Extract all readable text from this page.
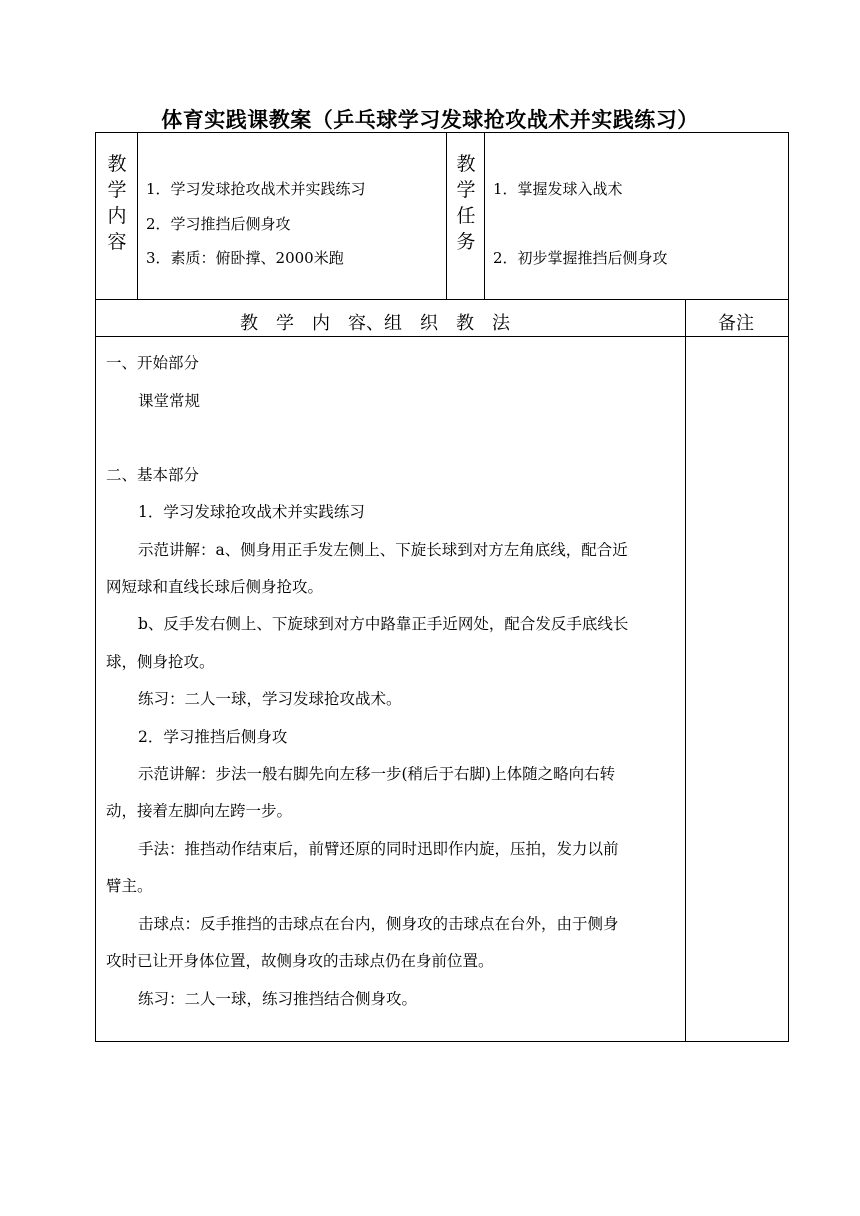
体育实践课教案（乒乓球学习发球抢攻战术并实践练习）
教
学
内
容
1．学习发球抢攻战术并实践练习
2．学习推挡后侧身攻
3．素质：俯卧撑、2000米跑
教
学
任
务
1．掌握发球入战术
2．初步掌握推挡后侧身攻
教　学　内　容、组　织　教　法	备注
一、开始部分
课堂常规
二、基本部分
1．学习发球抢攻战术并实践练习
示范讲解：a、侧身用正手发左侧上、下旋长球到对方左角底线，配合近
网短球和直线长球后侧身抢攻。
b、反手发右侧上、下旋球到对方中路靠正手近网处，配合发反手底线长
球，侧身抢攻。
练习：二人一球，学习发球抢攻战术。
2．学习推挡后侧身攻
示范讲解：步法一般右脚先向左移一步(稍后于右脚)上体随之略向右转
动，接着左脚向左跨一步。
手法：推挡动作结束后，前臂还原的同时迅即作内旋，压拍，发力以前
臂主。
击球点：反手推挡的击球点在台内，侧身攻的击球点在台外，由于侧身
攻时已让开身体位置，故侧身攻的击球点仍在身前位置。
练习：二人一球，练习推挡结合侧身攻。
